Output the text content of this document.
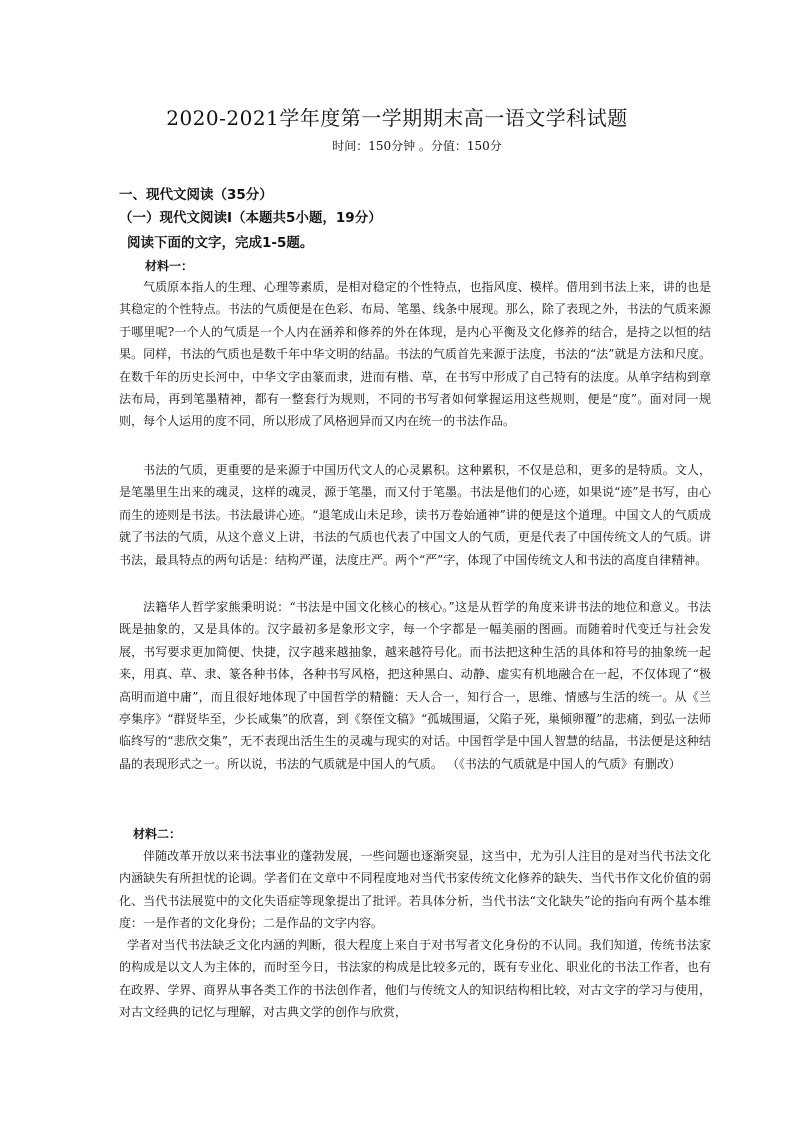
2020-2021学年度第一学期期末高一语文学科试题
时间：150分钟 。分值：150分
一、现代文阅读（35分）
（一）现代文阅读Ⅰ（本题共5小题，19分）
阅读下面的文字，完成1-5题。
材料一：

气质原本指人的生理、心理等素质，是相对稳定的个性特点，也指风度、模样。借用到书法上来，讲的也是其稳定的个性特点。书法的气质便是在色彩、布局、笔墨、线条中展现。那么，除了表现之外，书法的气质来源于哪里呢?一个人的气质是一个人内在涵养和修养的外在体现，是内心平衡及文化修养的结合，是持之以恒的结果。同样，书法的气质也是数千年中华文明的结晶。书法的气质首先来源于法度，书法的“法”就是方法和尺度。在数千年的历史长河中，中华文字由篆而隶，进而有楷、草，在书写中形成了自己特有的法度。从单字结构到章法布局，再到笔墨精神，都有一整套行为规则，不同的书写者如何掌握运用这些规则，便是“度”。面对同一规则，每个人运用的度不同，所以形成了风格迥异而又内在统一的书法作品。

书法的气质，更重要的是来源于中国历代文人的心灵累积。这种累积，不仅是总和，更多的是特质。文人，是笔墨里生出来的魂灵，这样的魂灵，源于笔墨，而又付于笔墨。书法是他们的心迹，如果说“迹”是书写，由心而生的迹则是书法。书法最讲心迹。“退笔成山未足珍，读书万卷始通神”讲的便是这个道理。中国文人的气质成就了书法的气质，从这个意义上讲，书法的气质也代表了中国文人的气质，更是代表了中国传统文人的气质。讲书法，最具特点的两句话是：结构严谨，法度庄严。两个“严”字，体现了中国传统文人和书法的高度自律精神。

法籍华人哲学家熊秉明说：“书法是中国文化核心的核心。”这是从哲学的角度来讲书法的地位和意义。书法既是抽象的，又是具体的。汉字最初多是象形文字，每一个字都是一幅美丽的图画。而随着时代变迁与社会发展，书写要求更加简便、快捷，汉字越来越抽象，越来越符号化。而书法把这种生活的具体和符号的抽象统一起来，用真、草、隶、篆各种书体，各种书写风格，把这种黑白、动静、虚实有机地融合在一起，不仅体现了“极高明而道中庸”，而且很好地体现了中国哲学的精髓：天人合一，知行合一，思维、情感与生活的统一。从《兰亭集序》“群贤毕至，少长咸集”的欣喜，到《祭侄文稿》“孤城围逼，父陷子死，巢倾卵覆”的悲痛，到弘一法师临终写的“悲欣交集”，无不表现出活生生的灵魂与现实的对话。中国哲学是中国人智慧的结晶，书法便是这种结晶的表现形式之一。所以说，书法的气质就是中国人的气质。 （《书法的气质就是中国人的气质》有删改）

材料二：

伴随改革开放以来书法事业的蓬勃发展，一些问题也逐渐突显，这当中，尤为引人注目的是对当代书法文化内涵缺失有所担忧的论调。学者们在文章中不同程度地对当代书家传统文化修养的缺失、当代书作文化价值的弱化、当代书法展览中的文化失语症等现象提出了批评。若具体分析，当代书法“文化缺失”论的指向有两个基本维度：一是作者的文化身份；二是作品的文字内容。

学者对当代书法缺乏文化内涵的判断，很大程度上来自于对书写者文化身份的不认同。我们知道，传统书法家的构成是以文人为主体的，而时至今日，书法家的构成是比较多元的，既有专业化、职业化的书法工作者，也有在政界、学界、商界从事各类工作的书法创作者，他们与传统文人的知识结构相比较，对古文字的学习与使用，对古文经典的记忆与理解，对古典文学的创作与欣赏，
